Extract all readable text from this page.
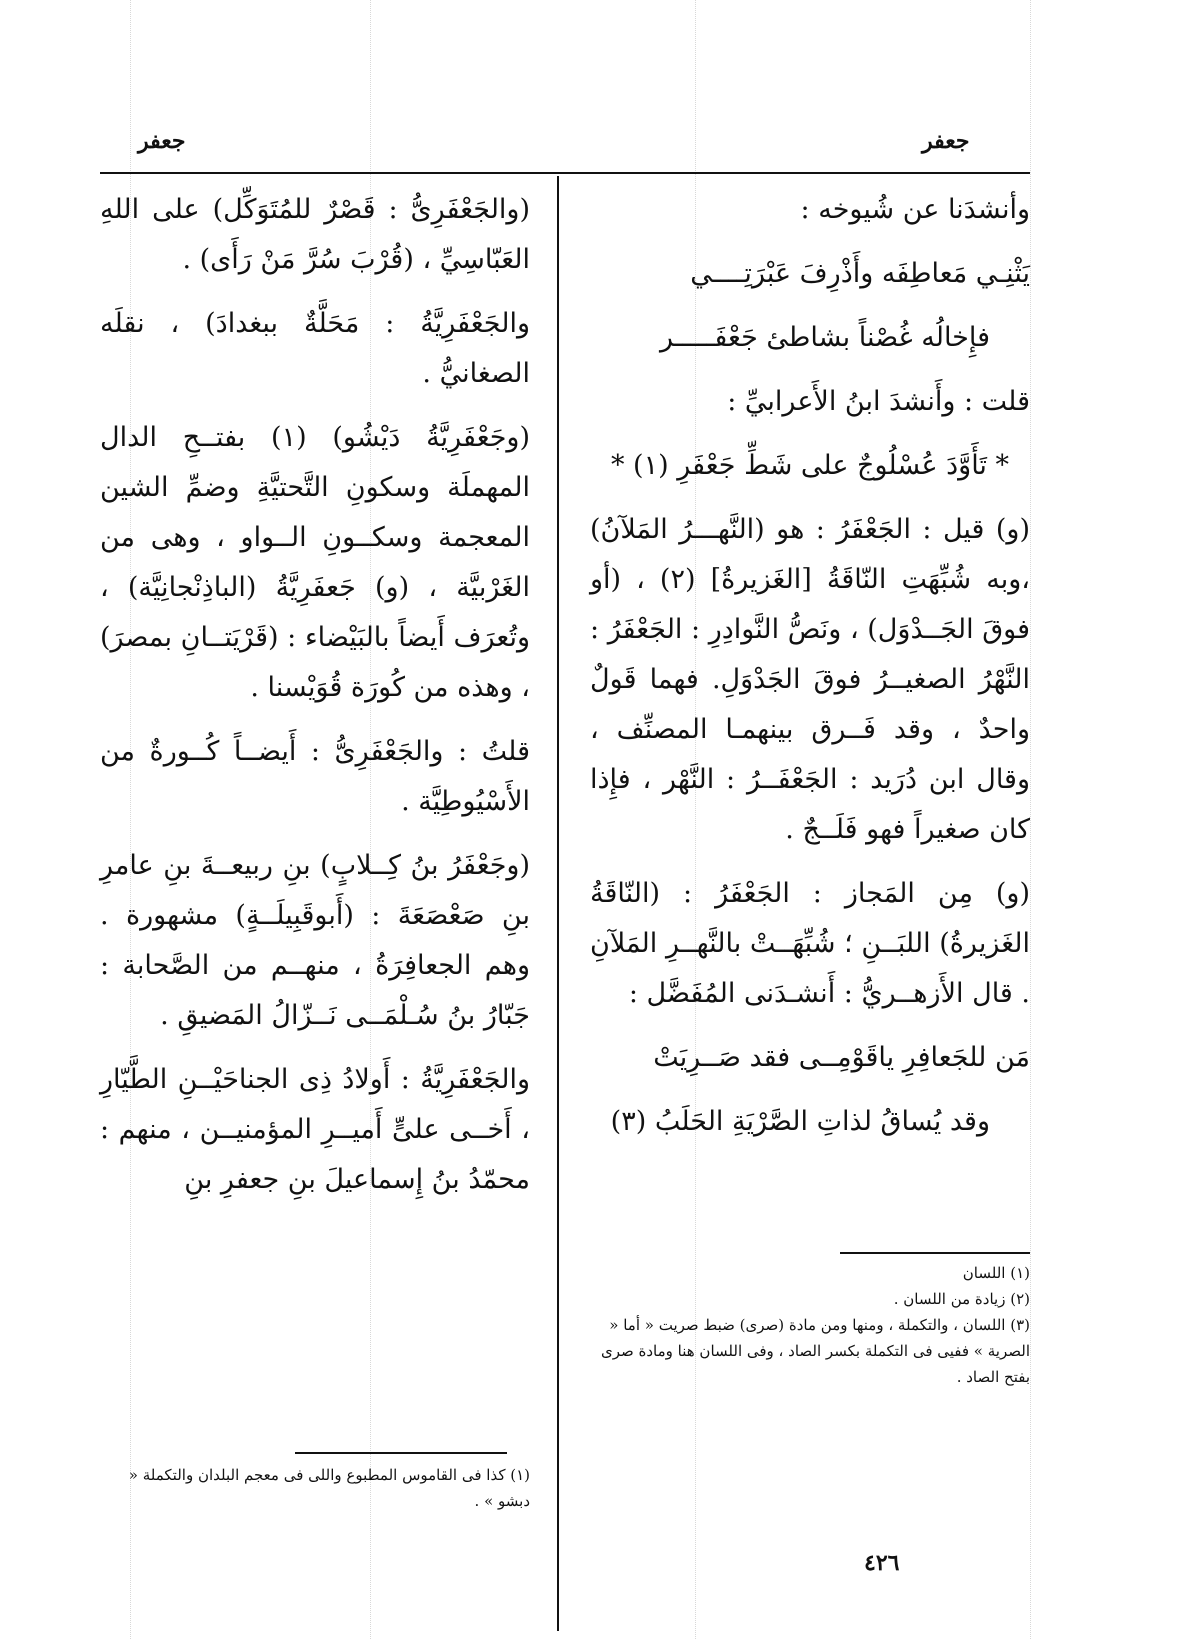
جعفر	جعفر

وأنشدَنا عن شُيوخه :

يَثْنِـي مَعاطِفَه وأَذْرِفَ عَبْرَتِــــي

فإِخالُه غُصْناً بشاطئ جَعْفَـــــر

قلت : وأَنشدَ ابنُ الأَعرابيِّ :

* تَأَوَّدَ عُسْلُوجٌ على شَطِّ جَعْفَرِ (١) *

(و) قيل : الجَعْفَرُ : هو (النَّهـــرُ المَلآنُ) ،وبه شُبِّهَتِ النّاقَةُ [الغَزيرةُ] (٢) ، (أو فوقَ الجَــدْوَل) ، ونَصُّ النَّوادِرِ : الجَعْفَرُ : النَّهْرُ الصغيــرُ فوقَ الجَدْوَلِ. فهما قَولٌ واحدٌ ، وقد فَــرق بينهمـا المصنِّف ، وقال ابن دُرَيد : الجَعْفَــرُ : النَّهْر ، فإِذا كان صغيراً فهو فَلَــجٌ .

(و) مِن المَجاز : الجَعْفَرُ : (النّاقَةُ الغَزيرةُ) اللبَــنِ ؛ شُبِّهَــتْ بالنَّهــرِ المَلآنِ . قال الأَزهــريُّ : أَنشـدَنى المُفَضَّل :

مَن للجَعافِرِ ياقَوْمِــى فقد صَــرِيَتْ

وقد يُساقُ لذاتِ الصَّرْيَةِ الحَلَبُ (٣)

(والجَعْفَرِىُّ : قَصْرٌ للمُتَوَكِّل) على اللهِ العَبّاسِيِّ ، (قُرْبَ سُرَّ مَنْ رَأَى) .

والجَعْفَرِيَّةُ : مَحَلَّةٌ ببغدادَ) ، نقلَه الصغانيُّ .

(وجَعْفَرِيَّةُ دَيْشُو) (١) بفتــحِ الدال المهملَة وسكونِ التَّحتيَّةِ وضمِّ الشين المعجمة وسكــونِ الــواو ، وهى من الغَرْبيَّة ، (و) جَعفَرِيَّةُ (الباذِنْجانِيَّة) ، وتُعرَف أَيضاً بالبَيْضاء : (قَرْيَتــانِ بمصرَ) ، وهذه من كُورَة قُوَيْسنا .

قلتُ : والجَعْفَرِىُّ : أَيضــاً كُــورةٌ من الأَسْيُوطِيَّة .

(وجَعْفَرُ بنُ كِــلابٍ) بنِ ربيعــةَ بنِ عامرِ بنِ صَعْصَعَةَ : (أَبوقَبِيلَــةٍ) مشهورة . وهم الجعافِرَةُ ، منهــم من الصَّحابة : جَبّارُ بنُ سُـلْمَــى نَــزّالُ المَضيقِ .

والجَعْفَرِيَّةُ : أَولادُ ذِى الجناحَيْــنِ الطَّيّارِ ، أَخــى علىٍّ أَميــرِ المؤمنيــن ، منهم : محمّدُ بنُ إِسماعيلَ بنِ جعفرِ بنِ

(١) اللسان
(٢) زيادة من اللسان .
(٣) اللسان ، والتكملة ، ومنها ومن مادة (صرى) ضبط صريت « أما « الصرية » ففيى فى التكملة بكسر الصاد ، وفى اللسان هنا ومادة صرى بفتح الصاد .
(١) كذا فى القاموس المطبوع واللى فى معجم البلدان والتكملة « دبشو » .
٤٢٦
